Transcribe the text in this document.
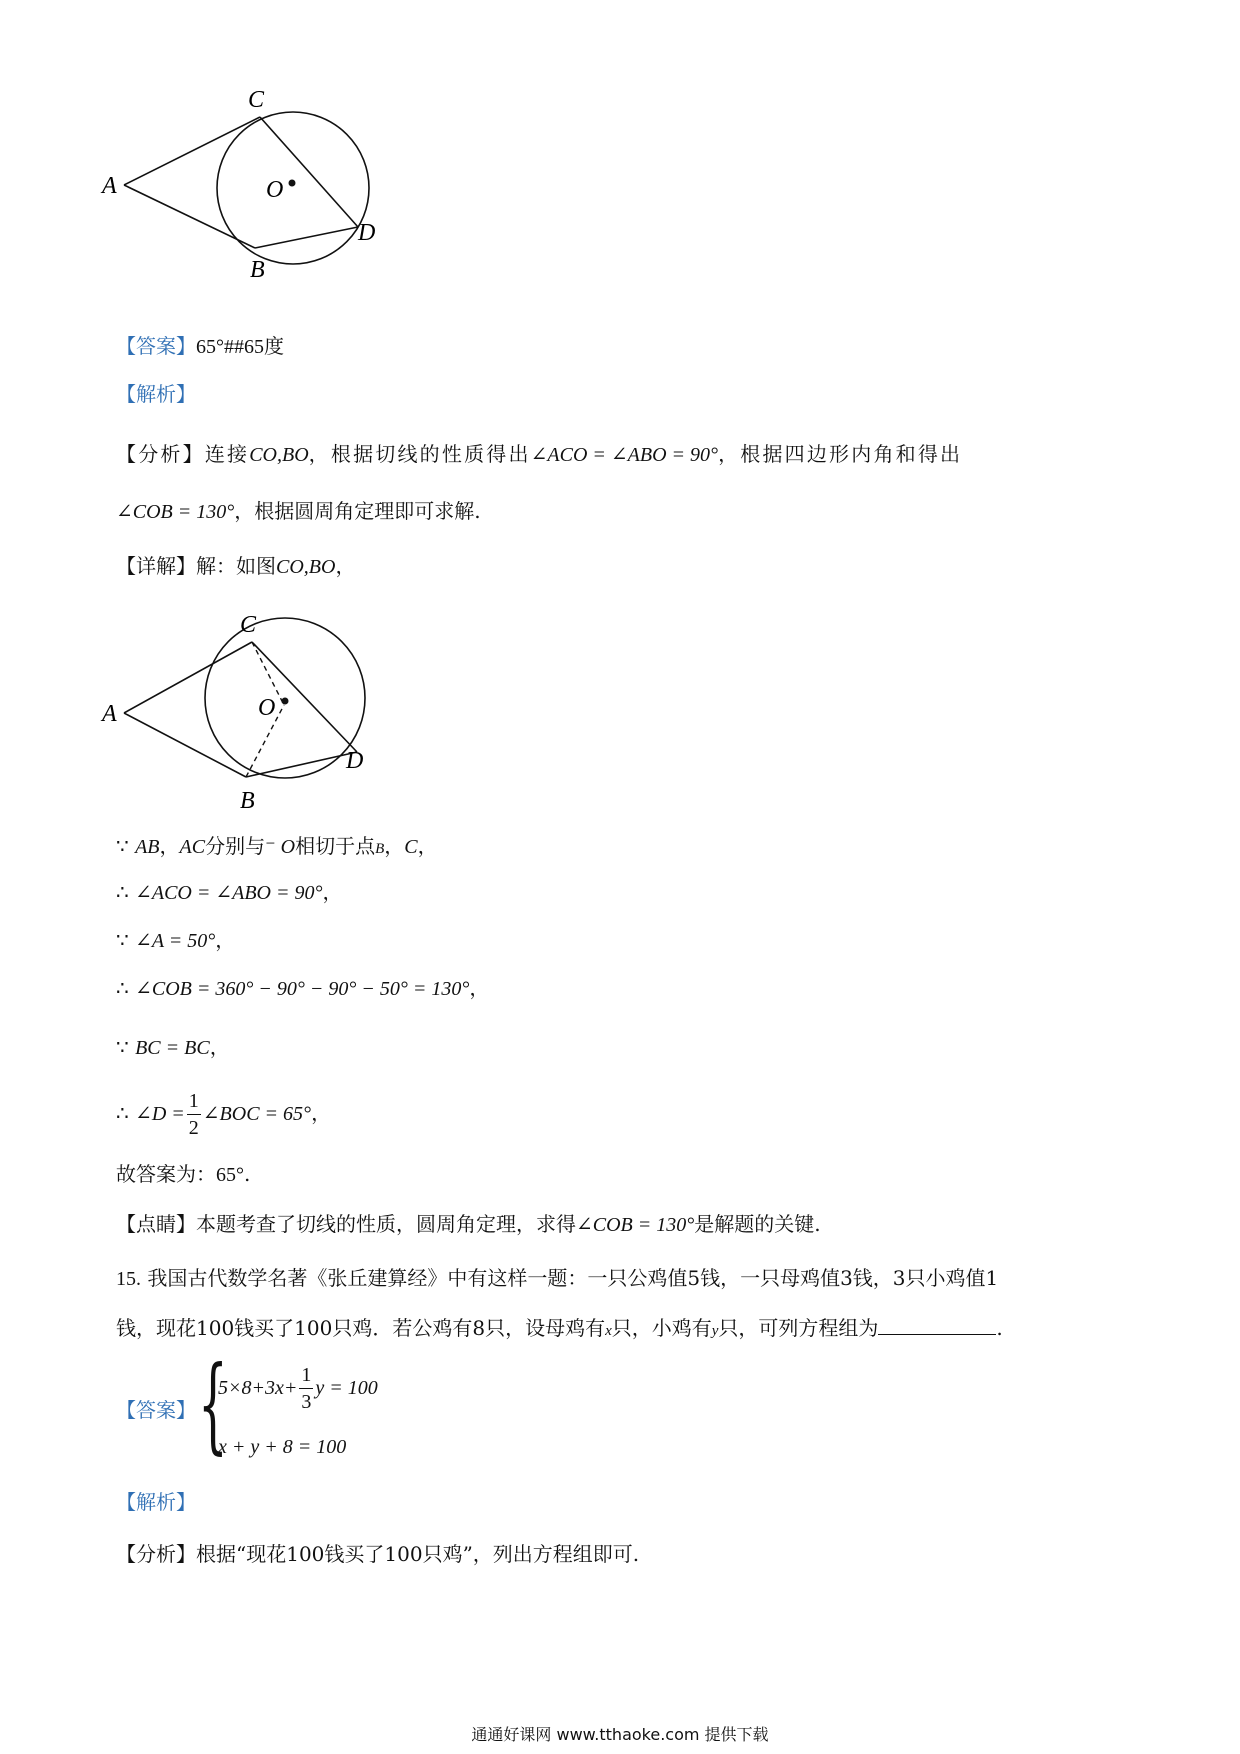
A
C
O
D
B
【答案】65°##65度
【解析】
【分析】连接CO,BO，根据切线的性质得出∠ACO = ∠ABO = 90°，根据四边形内角和得出
∠COB = 130°，根据圆周角定理即可求解.
【详解】解：如图CO,BO，
A
C
O
D
B
∵ AB，AC分别与⁻ O相切于点B，C，
∴ ∠ACO = ∠ABO = 90°，
∵ ∠A = 50°，
∴ ∠COB = 360° − 90° − 90° − 50° = 130°，
∵ BC = BC，
∴ ∠D = $\frac{1}{2}$ ∠BOC = 65°，
故答案为：65°.
【点睛】本题考查了切线的性质，圆周角定理，求得∠COB = 130°是解题的关键.
15. 我国古代数学名著《张丘建算经》中有这样一题：一只公鸡值5钱，一只母鸡值3钱，3只小鸡值1
钱，现花100钱买了100只鸡．若公鸡有8只，设母鸡有x只，小鸡有y只，可列方程组为	.
【答案】 {
$5\times 8+3x+ \frac{1}{3}$ y = 100
x + y + 8 = 100
【解析】
【分析】根据“现花100钱买了100只鸡”，列出方程组即可.
通通好课网 www.tthaoke.com 提供下载
